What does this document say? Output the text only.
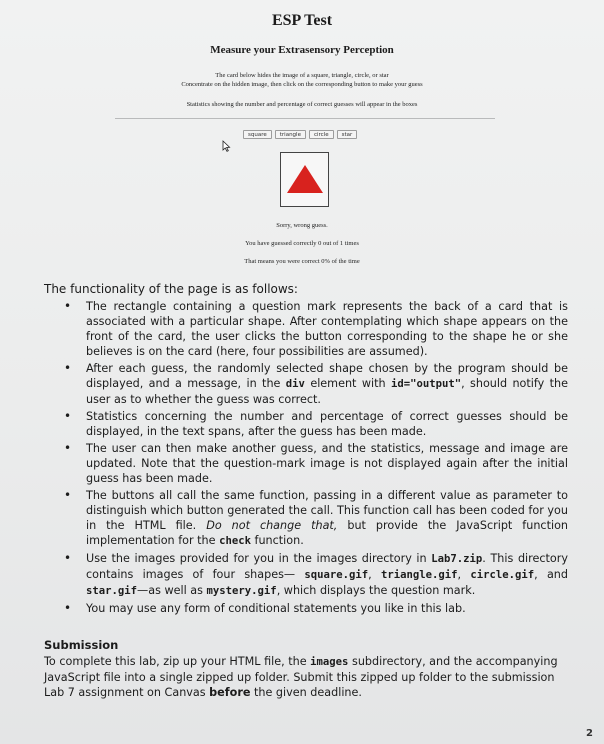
ESP Test
Measure your Extrasensory Perception
The card below hides the image of a square, triangle, circle, or star
Concentrate on the hidden image, then click on the corresponding button to make your guess
Statistics showing the number and percentage of correct guesses will appear in the boxes
square	triangle	circle	star
Sorry, wrong guess.
You have guessed correctly 0 out of 1 times
That means you were correct 0% of the time
The functionality of the page is as follows:
• The rectangle containing a question mark represents the back of a card that is associated with a particular shape. After contemplating which shape appears on the front of the card, the user clicks the button corresponding to the shape he or she believes is on the card (here, four possibilities are assumed).
• After each guess, the randomly selected shape chosen by the program should be displayed, and a message, in the div element with id="output", should notify the user as to whether the guess was correct.
• Statistics concerning the number and percentage of correct guesses should be displayed, in the text spans, after the guess has been made.
• The user can then make another guess, and the statistics, message and image are updated. Note that the question-mark image is not displayed again after the initial guess has been made.
• The buttons all call the same function, passing in a different value as parameter to distinguish which button generated the call. This function call has been coded for you in the HTML file. Do not change that, but provide the JavaScript function implementation for the check function.
• Use the images provided for you in the images directory in Lab7.zip. This directory contains images of four shapes— square.gif, triangle.gif, circle.gif, and star.gif—as well as mystery.gif, which displays the question mark.
• You may use any form of conditional statements you like in this lab.
Submission
To complete this lab, zip up your HTML file, the images subdirectory, and the accompanying JavaScript file into a single zipped up folder. Submit this zipped up folder to the submission Lab 7 assignment on Canvas before the given deadline.
2
